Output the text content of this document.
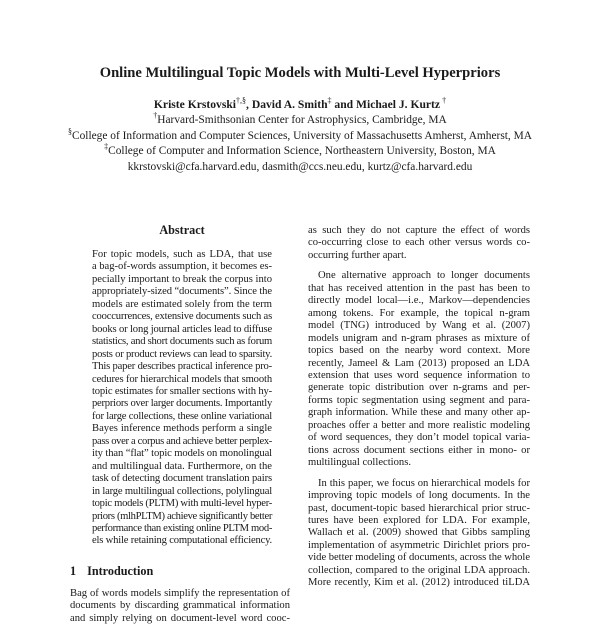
Online Multilingual Topic Models with Multi-Level Hyperpriors
Kriste Krstovski†,§, David A. Smith‡ and Michael J. Kurtz †
†Harvard-Smithsonian Center for Astrophysics, Cambridge, MA
§College of Information and Computer Sciences, University of Massachusetts Amherst, Amherst, MA
‡College of Computer and Information Science, Northeastern University, Boston, MA
kkrstovski@cfa.harvard.edu, dasmith@ccs.neu.edu, kurtz@cfa.harvard.edu
Abstract
For topic models, such as LDA, that use
a bag-of-words assumption, it becomes es-
pecially important to break the corpus into
appropriately-sized “documents”. Since the
models are estimated solely from the term
cooccurrences, extensive documents such as
books or long journal articles lead to diffuse
statistics, and short documents such as forum
posts or product reviews can lead to sparsity.
This paper describes practical inference pro-
cedures for hierarchical models that smooth
topic estimates for smaller sections with hy-
perpriors over larger documents. Importantly
for large collections, these online variational
Bayes inference methods perform a single
pass over a corpus and achieve better perplex-
ity than “flat” topic models on monolingual
and multilingual data. Furthermore, on the
task of detecting document translation pairs
in large multilingual collections, polylingual
topic models (PLTM) with multi-level hyper-
priors (mlhPLTM) achieve significantly better
performance than existing online PLTM mod-
els while retaining computational efficiency.
1 Introduction
Bag of words models simplify the representation of
documents by discarding grammatical information
and simply relying on document-level word cooc-
as such they do not capture the effect of words
co-occurring close to each other versus words co-
occurring further apart.
One alternative approach to longer documents
that has received attention in the past has been to
directly model local—i.e., Markov—dependencies
among tokens. For example, the topical n-gram
model (TNG) introduced by Wang et al. (2007)
models unigram and n-gram phrases as mixture of
topics based on the nearby word context. More
recently, Jameel & Lam (2013) proposed an LDA
extension that uses word sequence information to
generate topic distribution over n-grams and per-
forms topic segmentation using segment and para-
graph information. While these and many other ap-
proaches offer a better and more realistic modeling
of word sequences, they don’t model topical varia-
tions across document sections either in mono- or
multilingual collections.
In this paper, we focus on hierarchical models for
improving topic models of long documents. In the
past, document-topic based hierarchical prior struc-
tures have been explored for LDA. For example,
Wallach et al. (2009) showed that Gibbs sampling
implementation of asymmetric Dirichlet priors pro-
vide better modeling of documents, across the whole
collection, compared to the original LDA approach.
More recently, Kim et al. (2012) introduced tiLDA
